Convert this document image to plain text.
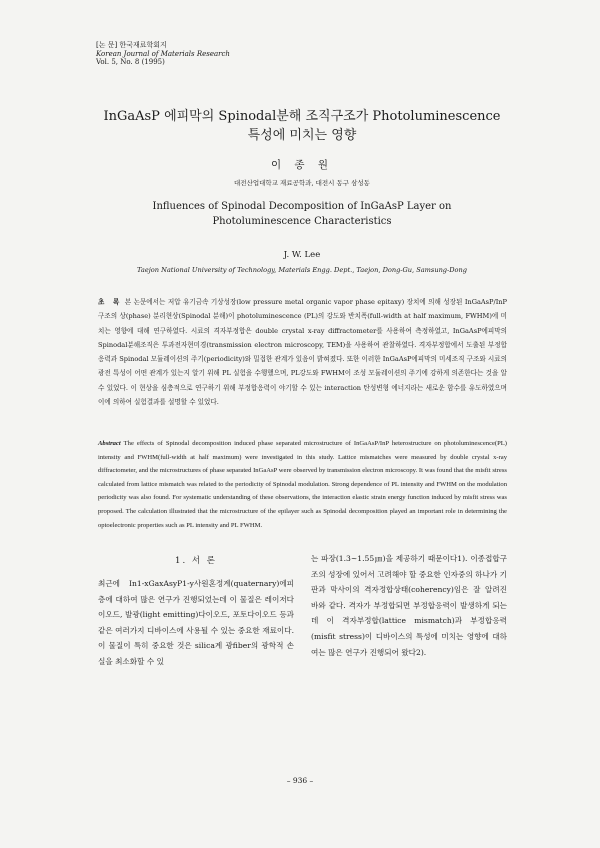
[논 문] 한국재료학회지
Korean Journal of Materials Research
Vol. 5, No. 8 (1995)
InGaAsP 에피막의 Spinodal분해 조직구조가 Photoluminescence
특성에 미치는 영향
이 종 원
대전산업대학교 재료공학과, 대전시 동구 삼성동
Influences of Spinodal Decomposition of InGaAsP Layer on
Photoluminescence Characteristics
J. W. Lee
Taejon National University of Technology, Materials Engg. Dept., Taejon, Dong-Gu, Samsung-Dong
초 록 본 논문에서는 저압 유기금속 기상성장(low pressure metal organic vapor phase epitaxy) 장치에 의해 성장된 InGaAsP/InP 구조의 상(phase) 분리현상(Spinodal 분해)이 photoluminescence (PL)의 강도와 반치폭(full-width at half maximum, FWHM)에 미치는 영향에 대해 연구하였다. 시료의 격자부정합은 double crystal x-ray diffractometer를 사용하여 측정하였고, InGaAsP에피막의 Spinodal분해조직은 투과전자현미경(transmission electron microscopy, TEM)을 사용하여 관찰하였다. 격자부정합에서 도출된 부정합응력과 Spinodal 모듈레이션의 주기(periodicity)와 밀접한 관계가 있음이 밝혀졌다. 또한 이러한 InGaAsP에피막의 미세조직 구조와 시료의 광전 특성이 어떤 관계가 있는지 알기 위해 PL 실험을 수행했으며, PL강도와 FWHM이 조성 모듈레이션의 주기에 강하게 의존한다는 것을 알 수 있었다. 이 현상을 심층적으로 연구하기 위해 부정합응력이 야기할 수 있는 interaction 탄성변형 에너지라는 새로운 함수를 유도하였으며 이에 의하여 실험결과를 설명할 수 있었다.
Abstract The effects of Spinodal decomposition induced phase separated microstructure of InGaAsP/InP heterostructure on photoluminescence(PL) intensity and FWHM(full-width at half maximum) were investigated in this study. Lattice mismatches were measured by double crystal x-ray diffractometer, and the microstructures of phase separated InGaAsP were observed by transmission electron microscopy. It was found that the misfit stress calculated from lattice mismatch was related to the periodicity of Spinodal modulation. Strong dependence of PL intensity and FWHM on the modulation periodicity was also found. For systematic understanding of these observations, the interaction elastic strain energy function induced by misfit stress was proposed. The calculation illustrated that the microstructure of the epilayer such as Spinodal decomposition played an important role in determining the optoelectronic properties such as PL intensity and PL FWHM.
1. 서 론
최근에 In1-xGaxAsyP1-y사원혼정계(quaternary)에피층에 대하여 많은 연구가 진행되었는데 이 물질은 레이저다이오드, 발광(light emitting)다이오드, 포토다이오드 등과 같은 여러가지 디바이스에 사용될 수 있는 중요한 재료이다. 이 물질이 특히 중요한 것은 silica계 광fiber의 광학적 손실을 최소화할 수 있
는 파장(1.3~1.55㎛)을 제공하기 때문이다1). 이종접합구조의 성장에 있어서 고려해야 할 중요한 인자중의 하나가 기판과 막사이의 격자정합상태(coherency)임은 잘 알려진 바와 같다. 격자가 부정합되면 부정합응력이 발생하게 되는데 이 격자부정합(lattice mismatch)과 부정합응력(misfit stress)이 디바이스의 특성에 미치는 영향에 대하여는 많은 연구가 진행되어 왔다2).
– 936 –
